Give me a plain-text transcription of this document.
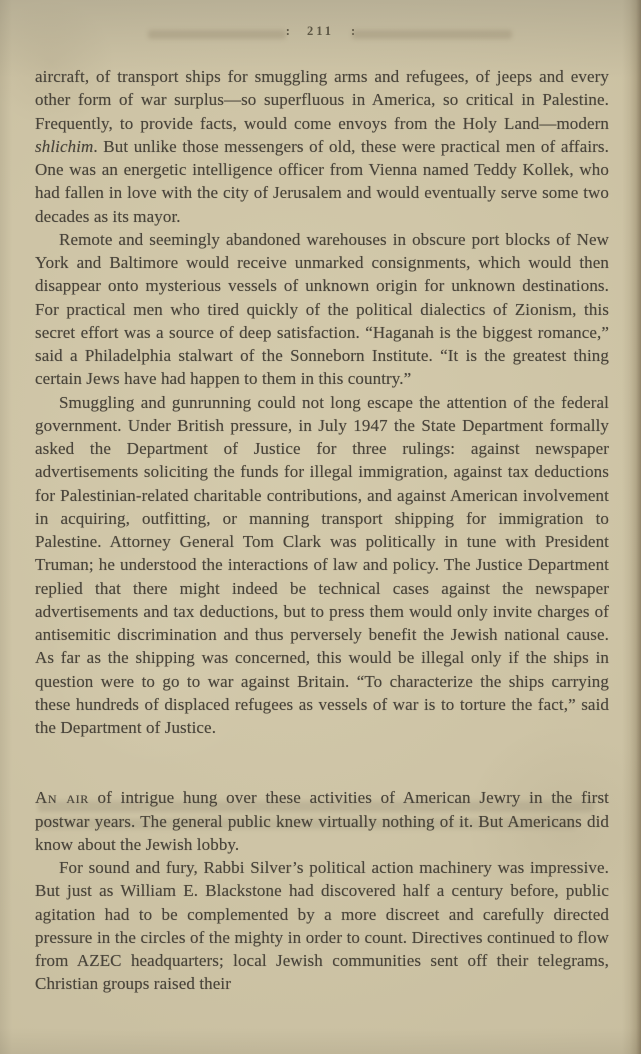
: 211 :

aircraft, of transport ships for smuggling arms and refugees, of jeeps and every other form of war surplus—so superfluous in America, so critical in Palestine. Frequently, to provide facts, would come envoys from the Holy Land—modern shlichim. But unlike those messengers of old, these were practical men of affairs. One was an energetic intelligence officer from Vienna named Teddy Kollek, who had fallen in love with the city of Jerusalem and would eventually serve some two decades as its mayor.

Remote and seemingly abandoned warehouses in obscure port blocks of New York and Baltimore would receive unmarked consignments, which would then disappear onto mysterious vessels of unknown origin for unknown destinations. For practical men who tired quickly of the political dialectics of Zionism, this secret effort was a source of deep satisfaction. “Haganah is the biggest romance,” said a Philadelphia stalwart of the Sonneborn Institute. “It is the greatest thing certain Jews have had happen to them in this country.”

Smuggling and gunrunning could not long escape the attention of the federal government. Under British pressure, in July 1947 the State Department formally asked the Department of Justice for three rulings: against newspaper advertisements soliciting the funds for illegal immigration, against tax deductions for Palestinian-related charitable contributions, and against American involvement in acquiring, outfitting, or manning transport shipping for immigration to Palestine. Attorney General Tom Clark was politically in tune with President Truman; he understood the interactions of law and policy. The Justice Department replied that there might indeed be technical cases against the newspaper advertisements and tax deductions, but to press them would only invite charges of antisemitic discrimination and thus perversely benefit the Jewish national cause. As far as the shipping was concerned, this would be illegal only if the ships in question were to go to war against Britain. “To characterize the ships carrying these hundreds of displaced refugees as vessels of war is to torture the fact,” said the Department of Justice.

An air of intrigue hung over these activities of American Jewry in the first postwar years. The general public knew virtually nothing of it. But Americans did know about the Jewish lobby.

For sound and fury, Rabbi Silver’s political action machinery was impressive. But just as William E. Blackstone had discovered half a century before, public agitation had to be complemented by a more discreet and carefully directed pressure in the circles of the mighty in order to count. Directives continued to flow from AZEC headquarters; local Jewish communities sent off their telegrams, Christian groups raised their
